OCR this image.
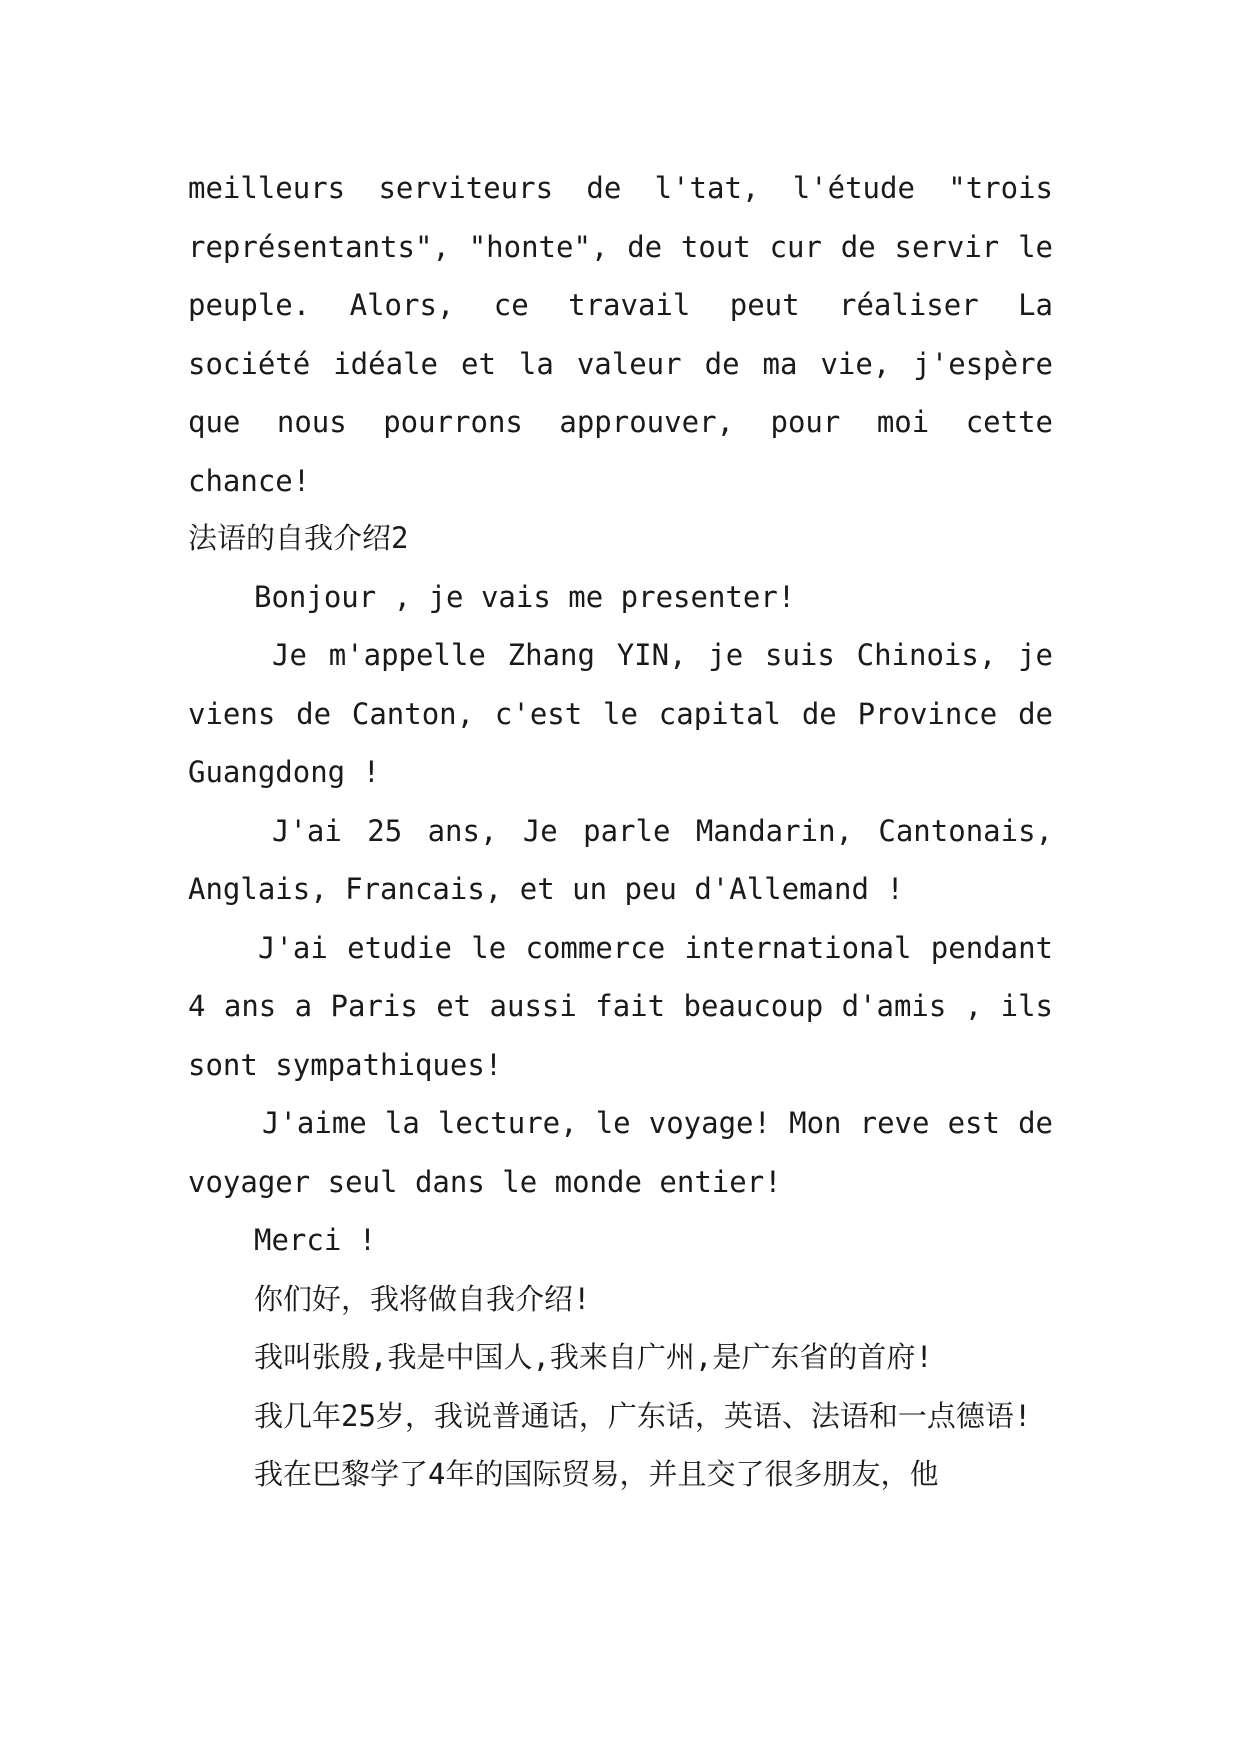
meilleurs serviteurs de l'tat, l'étude "trois représentants", "honte", de tout cur de servir le peuple. Alors, ce travail peut réaliser La société idéale et la valeur de ma vie, j'espère que nous pourrons approuver, pour moi cette chance!

法语的自我介绍2

Bonjour , je vais me presenter!

Je m'appelle Zhang YIN, je suis Chinois, je viens de Canton, c'est le capital de Province de Guangdong !

J'ai 25 ans, Je parle Mandarin, Cantonais, Anglais, Francais, et un peu d'Allemand !

J'ai etudie le commerce international pendant 4 ans a Paris et aussi fait beaucoup d'amis , ils sont sympathiques!

J'aime la lecture, le voyage! Mon reve est de voyager seul dans le monde entier!

Merci !

你们好，我将做自我介绍!

我叫张殷,我是中国人,我来自广州,是广东省的首府!

我几年25岁，我说普通话，广东话，英语、法语和一点德语!

我在巴黎学了4年的国际贸易，并且交了很多朋友，他
